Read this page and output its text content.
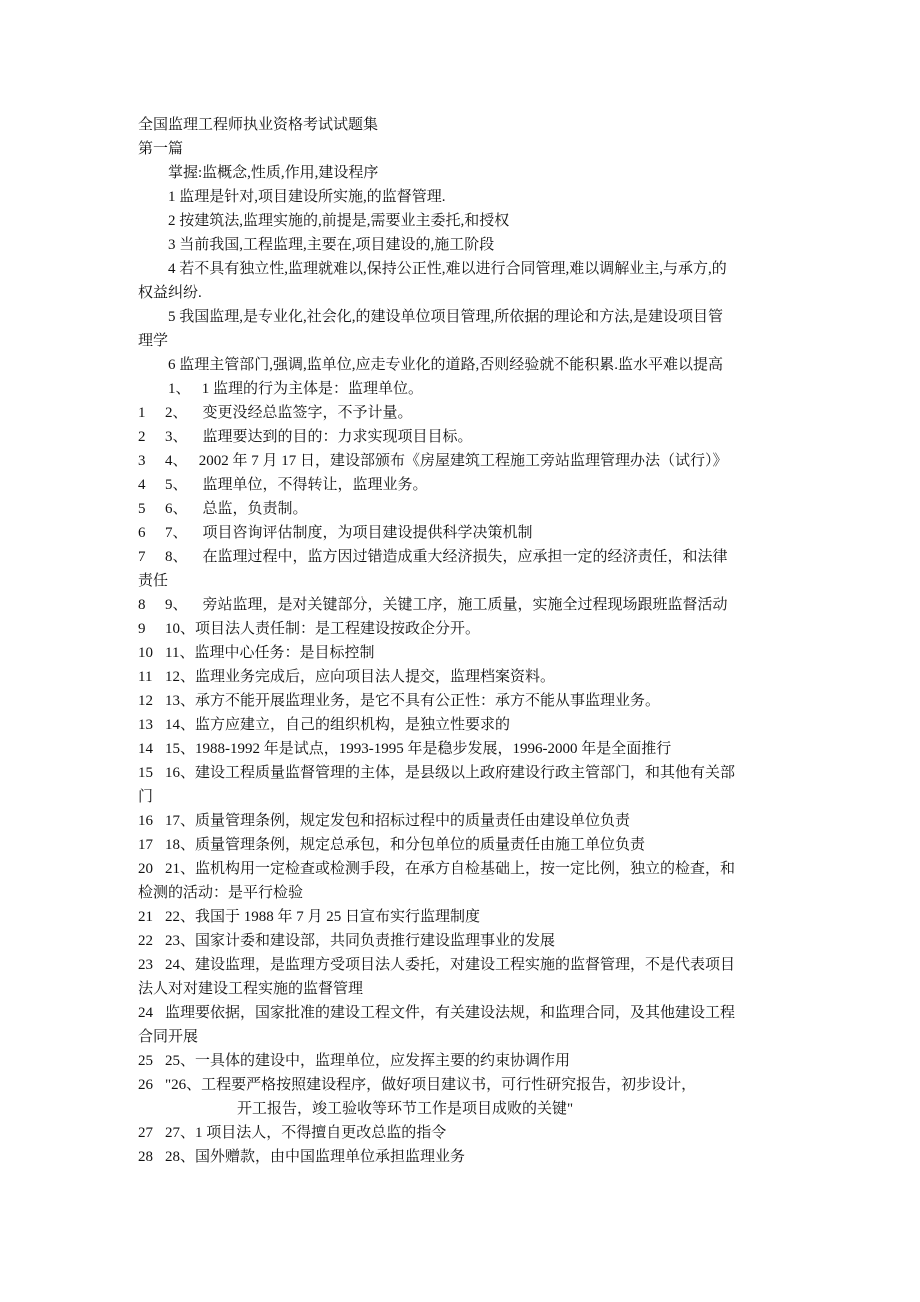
全国监理工程师执业资格考试试题集
第一篇
掌握:监概念,性质,作用,建设程序
1 监理是针对,项目建设所实施,的监督管理.
2 按建筑法,监理实施的,前提是,需要业主委托,和授权
3 当前我国,工程监理,主要在,项目建设的,施工阶段
4 若不具有独立性,监理就难以,保持公正性,难以进行合同管理,难以调解业主,与承方,的
权益纠纷.
5 我国监理,是专业化,社会化,的建设单位项目管理,所依据的理论和方法,是建设项目管
理学
6 监理主管部门,强调,监单位,应走专业化的道路,否则经验就不能积累.监水平难以提高
1、   1 监理的行为主体是：监理单位。
1 2、    变更没经总监签字，不予计量。
2 3、    监理要达到的目的：力求实现项目目标。
3 4、   2002 年 7 月 17 日，建设部颁布《房屋建筑工程施工旁站监理管理办法（试行）》
4 5、    监理单位，不得转让，监理业务。
5 6、    总监，负责制。
6 7、    项目咨询评估制度，为项目建设提供科学决策机制
7 8、    在监理过程中，监方因过错造成重大经济损失，应承担一定的经济责任，和法律
责任
8 9、    旁站监理，是对关键部分，关键工序，施工质量，实施全过程现场跟班监督活动
9 10、项目法人责任制：是工程建设按政企分开。
10 11、监理中心任务：是目标控制
11 12、监理业务完成后，应向项目法人提交，监理档案资料。
12 13、承方不能开展监理业务，是它不具有公正性：承方不能从事监理业务。
13 14、监方应建立，自己的组织机构，是独立性要求的
14 15、1988-1992 年是试点，1993-1995 年是稳步发展，1996-2000 年是全面推行
15 16、建设工程质量监督管理的主体，是县级以上政府建设行政主管部门，和其他有关部
门
16 17、质量管理条例，规定发包和招标过程中的质量责任由建设单位负责
17 18、质量管理条例，规定总承包，和分包单位的质量责任由施工单位负责
20 21、监机构用一定检查或检测手段，在承方自检基础上，按一定比例，独立的检查，和
检测的活动：是平行检验
21 22、我国于 1988 年 7 月 25 日宣布实行监理制度
22 23、国家计委和建设部，共同负责推行建设监理事业的发展
23 24、建设监理，是监理方受项目法人委托，对建设工程实施的监督管理，不是代表项目
法人对对建设工程实施的监督管理
24 监理要依据，国家批准的建设工程文件，有关建设法规，和监理合同，及其他建设工程
合同开展
25 25、一具体的建设中，监理单位，应发挥主要的约束协调作用
26 "26、工程要严格按照建设程序，做好项目建议书，可行性研究报告，初步设计，
开工报告，竣工验收等环节工作是项目成败的关键"
27 27、1 项目法人，不得擅自更改总监的指令
28 28、国外赠款，由中国监理单位承担监理业务
